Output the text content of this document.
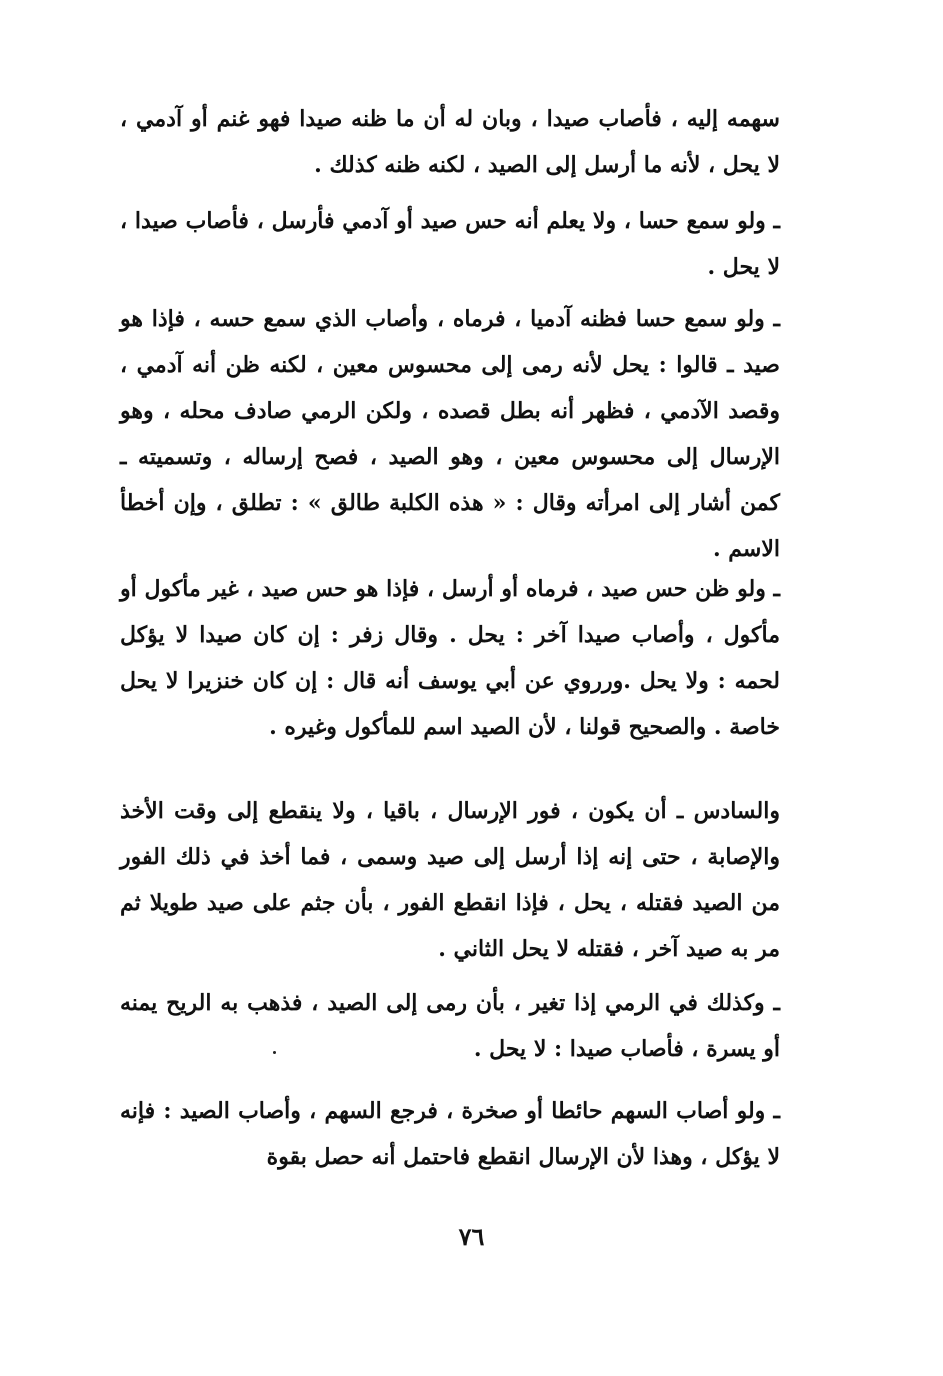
سهمه إليه ، فأصاب صيدا ، وبان له أن ما ظنه صيدا فهو غنم أو آدمي ، لا يحل ، لأنه ما أرسل إلى الصيد ، لكنه ظنه كذلك .

ـ ولو سمع حسا ، ولا يعلم أنه حس صيد أو آدمي فأرسل ، فأصاب صيدا ، لا يحل .

ـ ولو سمع حسا فظنه آدميا ، فرماه ، وأصاب الذي سمع حسه ، فإذا هو صيد ـ قالوا : يحل لأنه رمى إلى محسوس معين ، لكنه ظن أنه آدمي ، وقصد الآدمي ، فظهر أنه بطل قصده ، ولكن الرمي صادف محله ، وهو الإرسال إلى محسوس معين ، وهو الصيد ، فصح إرساله ، وتسميته ـ كمن أشار إلى امرأته وقال : « هذه الكلبة طالق » : تطلق ، وإن أخطأ الاسم .

ـ ولو ظن حس صيد ، فرماه أو أرسل ، فإذا هو حس صيد ، غير مأكول أو مأكول ، وأصاب صيدا آخر : يحل . وقال زفر : إن كان صيدا لا يؤكل لحمه : ولا يحل .ورروي عن أبي يوسف أنه قال : إن كان خنزيرا لا يحل خاصة . والصحيح قولنا ، لأن الصيد اسم للمأكول وغيره .

والسادس ـ أن يكون ، فور الإرسال ، باقيا ، ولا ينقطع إلى وقت الأخذ والإصابة ، حتى إنه إذا أرسل إلى صيد وسمى ، فما أخذ في ذلك الفور من الصيد فقتله ، يحل ، فإذا انقطع الفور ، بأن جثم على صيد طويلا ثم مر به صيد آخر ، فقتله لا يحل الثاني .

ـ وكذلك في الرمي إذا تغير ، بأن رمى إلى الصيد ، فذهب به الريح يمنه أو يسرة ، فأصاب صيدا : لا يحل .

ـ ولو أصاب السهم حائطا أو صخرة ، فرجع السهم ، وأصاب الصيد : فإنه لا يؤكل ، وهذا لأن الإرسال انقطع فاحتمل أنه حصل بقوة

٧٦
